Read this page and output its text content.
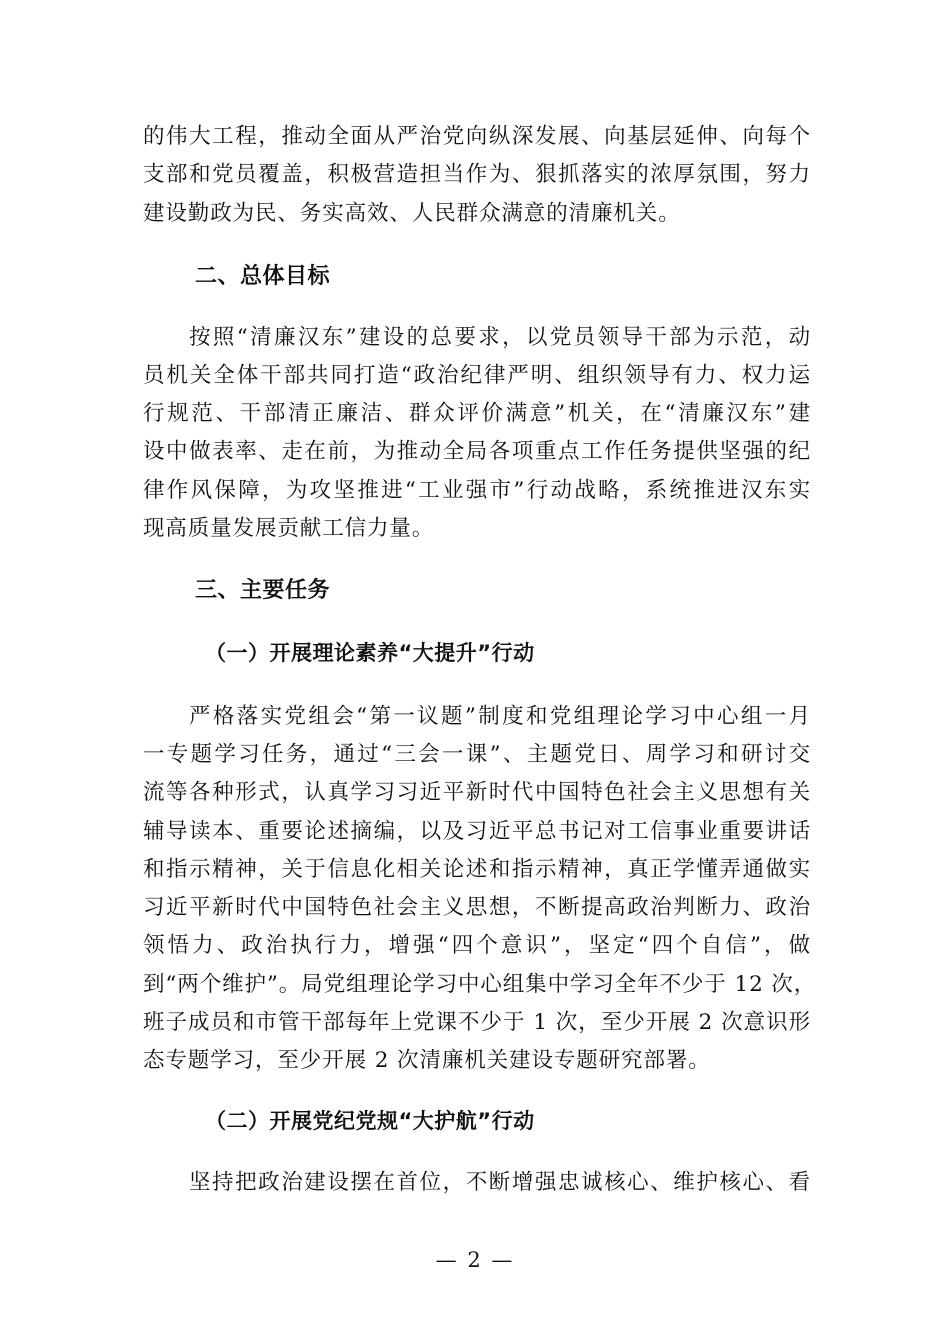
的伟大工程，推动全面从严治党向纵深发展、向基层延伸、向每个
支部和党员覆盖，积极营造担当作为、狠抓落实的浓厚氛围，努力
建设勤政为民、务实高效、人民群众满意的清廉机关。
二、总体目标
按照“清廉汉东”建设的总要求，以党员领导干部为示范，动
员机关全体干部共同打造“政治纪律严明、组织领导有力、权力运
行规范、干部清正廉洁、群众评价满意”机关，在“清廉汉东”建
设中做表率、走在前，为推动全局各项重点工作任务提供坚强的纪
律作风保障，为攻坚推进“工业强市”行动战略，系统推进汉东实
现高质量发展贡献工信力量。
三、主要任务
（一）开展理论素养“大提升”行动
严格落实党组会“第一议题”制度和党组理论学习中心组一月
一专题学习任务，通过“三会一课”、主题党日、周学习和研讨交
流等各种形式，认真学习习近平新时代中国特色社会主义思想有关
辅导读本、重要论述摘编，以及习近平总书记对工信事业重要讲话
和指示精神，关于信息化相关论述和指示精神，真正学懂弄通做实
习近平新时代中国特色社会主义思想，不断提高政治判断力、政治
领悟力、政治执行力，增强“四个意识”，坚定“四个自信”，做
到“两个维护”。局党组理论学习中心组集中学习全年不少于 12 次，
班子成员和市管干部每年上党课不少于 1 次，至少开展 2 次意识形
态专题学习，至少开展 2 次清廉机关建设专题研究部署。
（二）开展党纪党规“大护航”行动
坚持把政治建设摆在首位，不断增强忠诚核心、维护核心、看
— 2 —
